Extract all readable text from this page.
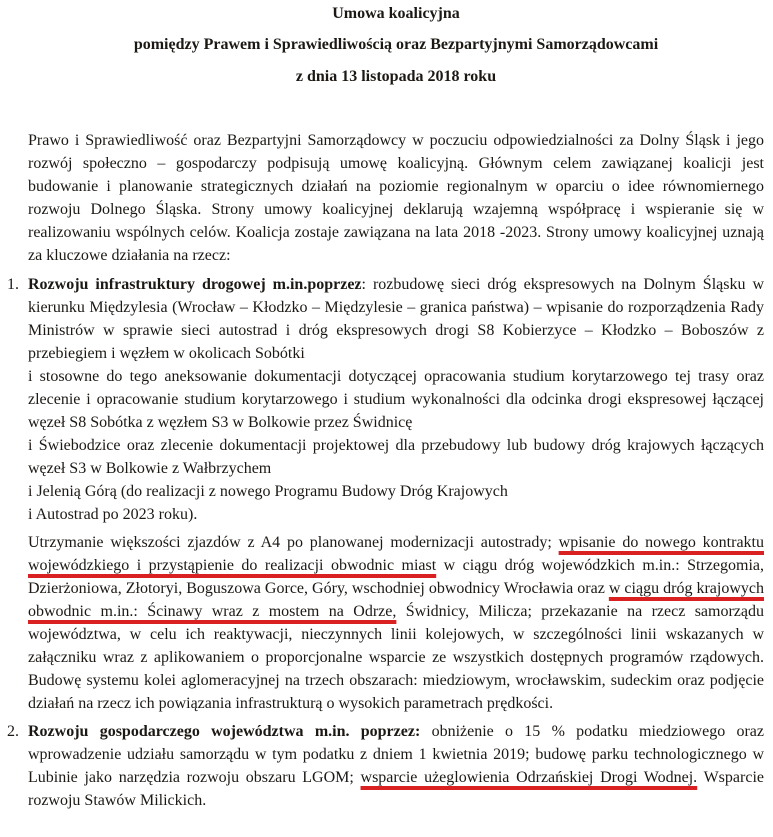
Umowa koalicyjna

pomiędzy Prawem i Sprawiedliwością oraz Bezpartyjnymi Samorządowcami

z dnia 13 listopada 2018 roku

Prawo i Sprawiedliwość oraz Bezpartyjni Samorządowcy w poczuciu odpowiedzialności za Dolny Śląsk i jego rozwój społeczno – gospodarczy podpisują umowę koalicyjną. Głównym celem zawiązanej koalicji jest budowanie i planowanie strategicznych działań na poziomie regionalnym w oparciu o idee równomiernego rozwoju Dolnego Śląska. Strony umowy koalicyjnej deklarują wzajemną współpracę i wspieranie się w realizowaniu wspólnych celów. Koalicja zostaje zawiązana na lata 2018 -2023. Strony umowy koalicyjnej uznają za kluczowe działania na rzecz:

1. Rozwoju infrastruktury drogowej m.in.poprzez: rozbudowę sieci dróg ekspresowych na Dolnym Śląsku w kierunku Międzylesia (Wrocław – Kłodzko – Międzylesie – granica państwa) – wpisanie do rozporządzenia Rady Ministrów w sprawie sieci autostrad i dróg ekspresowych drogi S8 Kobierzyce – Kłodzko – Boboszów z przebiegiem i węzłem w okolicach Sobótki
i stosowne do tego aneksowanie dokumentacji dotyczącej opracowania studium korytarzowego tej trasy oraz zlecenie i opracowanie studium korytarzowego i studium wykonalności dla odcinka drogi ekspresowej łączącej węzeł S8 Sobótka z węzłem S3 w Bolkowie przez Świdnicę
i Świebodzice oraz zlecenie dokumentacji projektowej dla przebudowy lub budowy dróg krajowych łączących węzeł S3 w Bolkowie z Wałbrzychem
i Jelenią Górą (do realizacji z nowego Programu Budowy Dróg Krajowych
i Autostrad po 2023 roku).

Utrzymanie większości zjazdów z A4 po planowanej modernizacji autostrady; wpisanie do nowego kontraktu wojewódzkiego i przystąpienie do realizacji obwodnic miast w ciągu dróg wojewódzkich m.in.: Strzegomia, Dzierżoniowa, Złotoryi, Boguszowa Gorce, Góry, wschodniej obwodnicy Wrocławia oraz w ciągu dróg krajowych obwodnic m.in.: Ścinawy wraz z mostem na Odrze, Świdnicy, Milicza; przekazanie na rzecz samorządu województwa, w celu ich reaktywacji, nieczynnych linii kolejowych, w szczególności linii wskazanych w załączniku wraz z aplikowaniem o proporcjonalne wsparcie ze wszystkich dostępnych programów rządowych. Budowę systemu kolei aglomeracyjnej na trzech obszarach: miedziowym, wrocławskim, sudeckim oraz podjęcie działań na rzecz ich powiązania infrastrukturą o wysokich parametrach prędkości.

2. Rozwoju gospodarczego województwa m.in. poprzez: obniżenie o 15 % podatku miedziowego oraz wprowadzenie udziału samorządu w tym podatku z dniem 1 kwietnia 2019; budowę parku technologicznego w Lubinie jako narzędzia rozwoju obszaru LGOM; wsparcie użeglowienia Odrzańskiej Drogi Wodnej. Wsparcie rozwoju Stawów Milickich.
